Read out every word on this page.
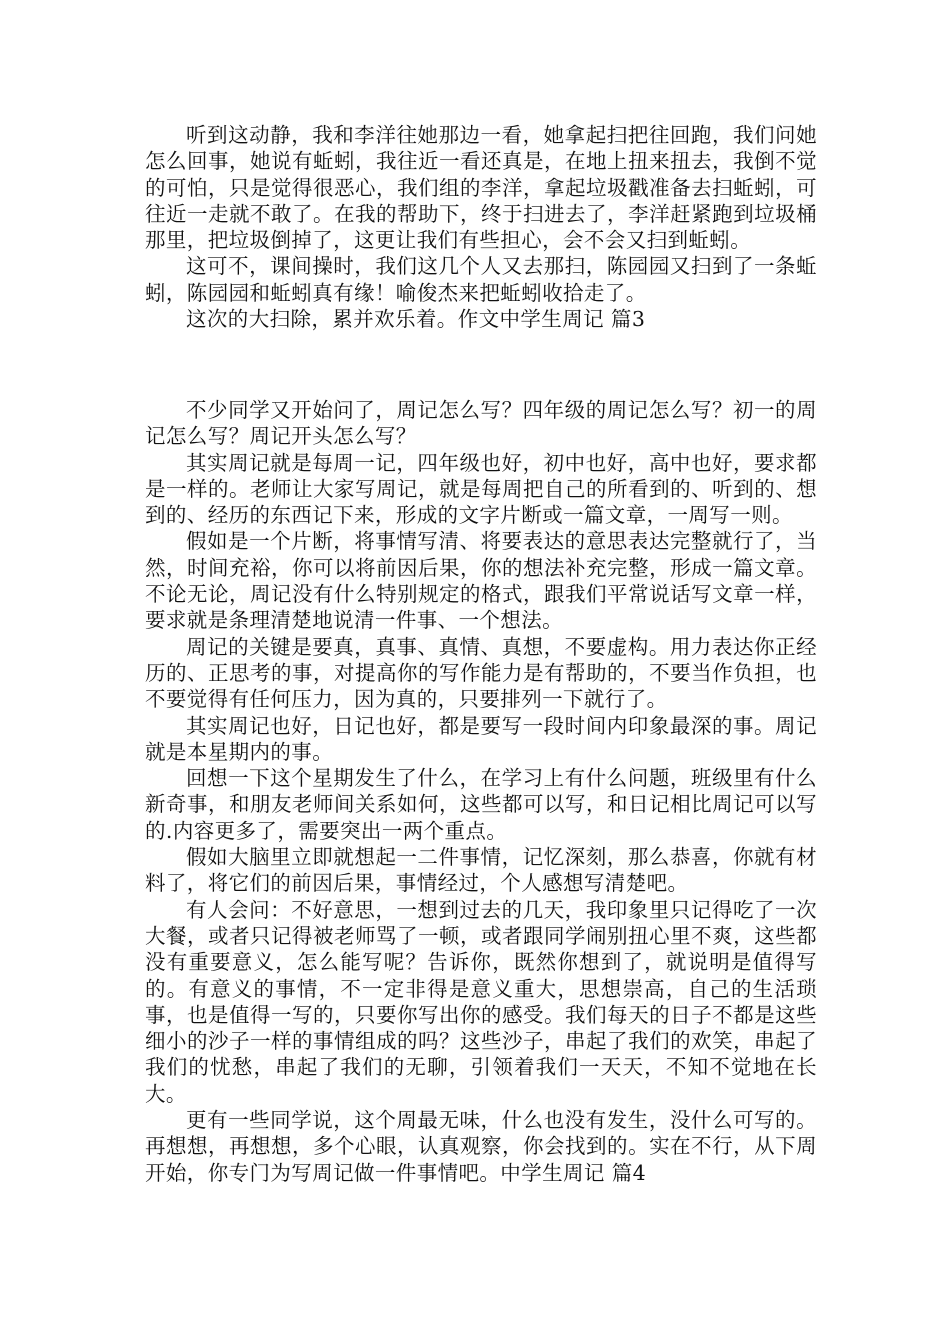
听到这动静，我和李洋往她那边一看，她拿起扫把往回跑，我们问她怎么回事，她说有蚯蚓，我往近一看还真是，在地上扭来扭去，我倒不觉的可怕，只是觉得很恶心，我们组的李洋，拿起垃圾戳准备去扫蚯蚓，可往近一走就不敢了。在我的帮助下，终于扫进去了，李洋赶紧跑到垃圾桶那里，把垃圾倒掉了，这更让我们有些担心，会不会又扫到蚯蚓。

这可不，课间操时，我们这几个人又去那扫，陈园园又扫到了一条蚯蚓，陈园园和蚯蚓真有缘！喻俊杰来把蚯蚓收拾走了。

这次的大扫除，累并欢乐着。作文中学生周记 篇3

不少同学又开始问了，周记怎么写？四年级的周记怎么写？初一的周记怎么写？周记开头怎么写？

其实周记就是每周一记，四年级也好，初中也好，高中也好，要求都是一样的。老师让大家写周记，就是每周把自己的所看到的、听到的、想到的、经历的东西记下来，形成的文字片断或一篇文章，一周写一则。

假如是一个片断，将事情写清、将要表达的意思表达完整就行了，当然，时间充裕，你可以将前因后果，你的想法补充完整，形成一篇文章。不论无论，周记没有什么特别规定的格式，跟我们平常说话写文章一样，要求就是条理清楚地说清一件事、一个想法。

周记的关键是要真，真事、真情、真想，不要虚构。用力表达你正经历的、正思考的事，对提高你的写作能力是有帮助的，不要当作负担，也不要觉得有任何压力，因为真的，只要排列一下就行了。

其实周记也好，日记也好，都是要写一段时间内印象最深的事。周记就是本星期内的事。

回想一下这个星期发生了什么，在学习上有什么问题，班级里有什么新奇事，和朋友老师间关系如何，这些都可以写，和日记相比周记可以写的.内容更多了，需要突出一两个重点。

假如大脑里立即就想起一二件事情，记忆深刻，那么恭喜，你就有材料了，将它们的前因后果，事情经过，个人感想写清楚吧。

有人会问：不好意思，一想到过去的几天，我印象里只记得吃了一次大餐，或者只记得被老师骂了一顿，或者跟同学闹别扭心里不爽，这些都没有重要意义，怎么能写呢？告诉你，既然你想到了，就说明是值得写的。有意义的事情，不一定非得是意义重大，思想崇高，自己的生活琐事，也是值得一写的，只要你写出你的感受。我们每天的日子不都是这些细小的沙子一样的事情组成的吗？这些沙子，串起了我们的欢笑，串起了我们的忧愁，串起了我们的无聊，引领着我们一天天，不知不觉地在长大。

更有一些同学说，这个周最无味，什么也没有发生，没什么可写的。再想想，再想想，多个心眼，认真观察，你会找到的。实在不行，从下周开始，你专门为写周记做一件事情吧。中学生周记 篇4
